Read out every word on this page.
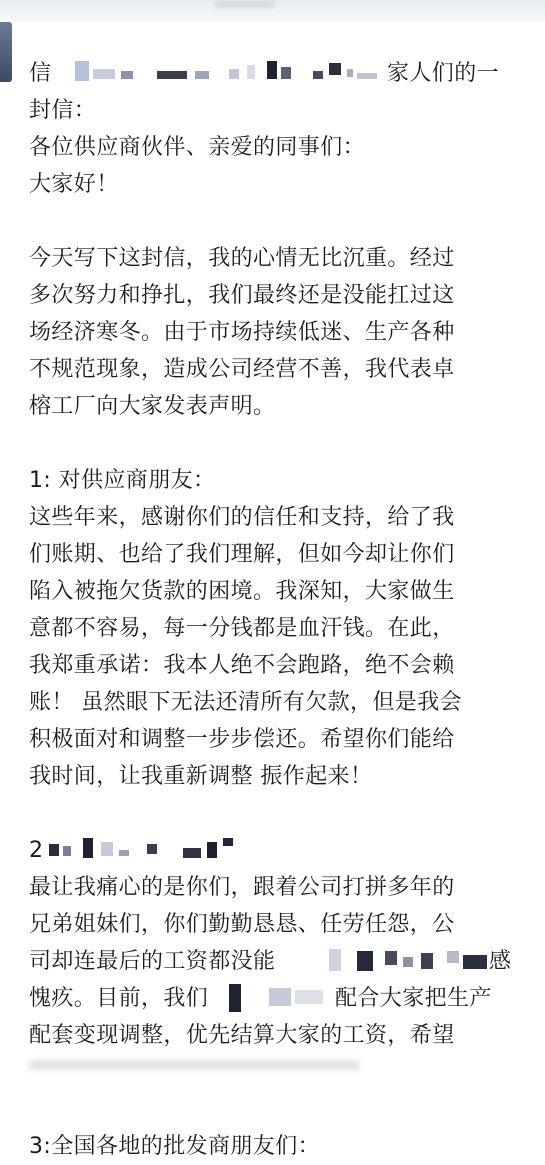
信	家人们的一
封信：
各位供应商伙伴、亲爱的同事们：
大家好！
今天写下这封信，我的心情无比沉重。经过
多次努力和挣扎，我们最终还是没能扛过这
场经济寒冬。由于市场持续低迷、生产各种
不规范现象，造成公司经营不善，我代表卓
榕工厂向大家发表声明。
1: 对供应商朋友：
这些年来，感谢你们的信任和支持，给了我
们账期、也给了我们理解，但如今却让你们
陷入被拖欠货款的困境。我深知，大家做生
意都不容易，每一分钱都是血汗钱。在此，
我郑重承诺：我本人绝不会跑路，绝不会赖
账！ 虽然眼下无法还清所有欠款，但是我会
积极面对和调整一步步偿还。希望你们能给
我时间，让我重新调整 振作起来！
2
最让我痛心的是你们，跟着公司打拼多年的
兄弟姐妹们，你们勤勤恳恳、任劳任怨，公
司却连最后的工资都没能	感
愧疚。目前，我们	配合大家把生产
配套变现调整，优先结算大家的工资，希望
3:全国各地的批发商朋友们：
